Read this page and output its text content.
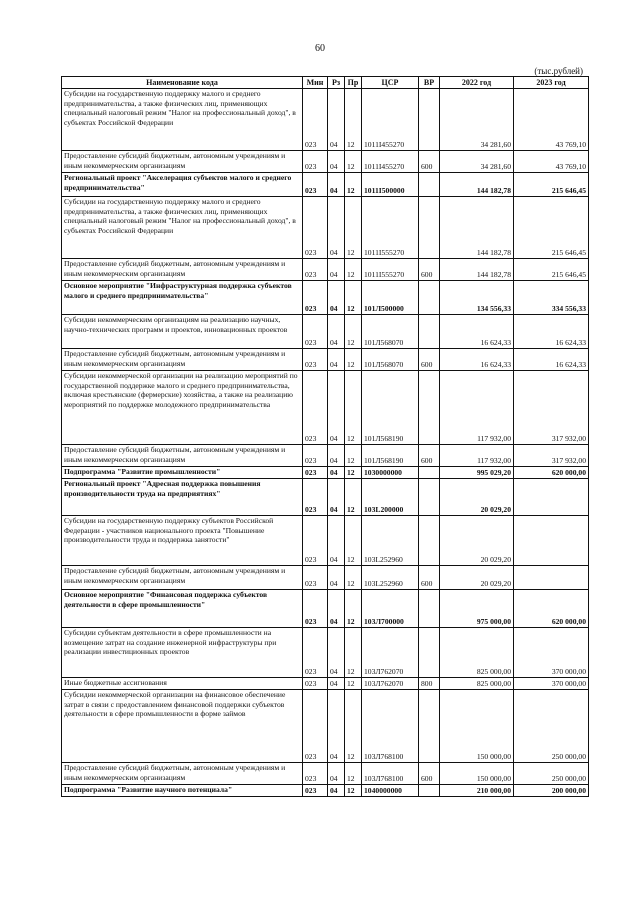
60
(тыс.рублей)
Наименование кода	Мин	Рз	Пр	ЦСР	ВР	2022 год	2023 год
Субсидии на государственную поддержку малого и среднего предпринимательства, а также физических лиц, применяющих специальный налоговый режим "Налог на профессиональный доход", в субъектах Российской Федерации	023	04	12	1011I455270		34 281,60	43 769,10
Предоставление субсидий бюджетным, автономным учреждениям и иным некоммерческим организациям	023	04	12	1011I455270	600	34 281,60	43 769,10
Региональный проект "Акселерация субъектов малого и среднего предпринимательства"	023	04	12	1011I500000		144 182,78	215 646,45
Субсидии на государственную поддержку малого и среднего предпринимательства, а также физических лиц, применяющих специальный налоговый режим "Налог на профессиональный доход", в субъектах Российской Федерации	023	04	12	1011I555270		144 182,78	215 646,45
Предоставление субсидий бюджетным, автономным учреждениям и иным некоммерческим организациям	023	04	12	1011I555270	600	144 182,78	215 646,45
Основное мероприятие "Инфраструктурная поддержка субъектов малого и среднего предпринимательства"	023	04	12	101Л500000		134 556,33	334 556,33
Субсидии некоммерческим организациям на реализацию научных, научно-технических программ и проектов, инновационных проектов	023	04	12	101Л568070		16 624,33	16 624,33
Предоставление субсидий бюджетным, автономным учреждениям и иным некоммерческим организациям	023	04	12	101Л568070	600	16 624,33	16 624,33
Субсидии некоммерческой организации на реализацию мероприятий по государственной поддержке малого и среднего предпринимательства, включая крестьянские (фермерские) хозяйства, а также на реализацию мероприятий по поддержке молодежного предпринимательства	023	04	12	101Л568190		117 932,00	317 932,00
Предоставление субсидий бюджетным, автономным учреждениям и иным некоммерческим организациям	023	04	12	101Л568190	600	117 932,00	317 932,00
Подпрограмма "Развитие промышленности"	023	04	12	1030000000		995 029,20	620 000,00
Региональный проект "Адресная поддержка повышения производительности труда на предприятиях"	023	04	12	103L200000		20 029,20	
Субсидии на государственную поддержку субъектов Российской Федерации - участников национального проекта "Повышение производительности труда и поддержка занятости"	023	04	12	103L252960		20 029,20	
Предоставление субсидий бюджетным, автономным учреждениям и иным некоммерческим организациям	023	04	12	103L252960	600	20 029,20	
Основное мероприятие "Финансовая поддержка субъектов деятельности в сфере промышленности"	023	04	12	103Л700000		975 000,00	620 000,00
Субсидии субъектам деятельности в сфере промышленности на возмещение затрат на создание инженерной инфраструктуры при реализации инвестиционных проектов	023	04	12	103Л762070		825 000,00	370 000,00
Иные бюджетные ассигнования	023	04	12	103Л762070	800	825 000,00	370 000,00
Субсидии некоммерческой организации на финансовое обеспечение затрат в связи с предоставлением финансовой поддержки субъектов деятельности в сфере промышленности в форме займов	023	04	12	103Л768100		150 000,00	250 000,00
Предоставление субсидий бюджетным, автономным учреждениям и иным некоммерческим организациям	023	04	12	103Л768100	600	150 000,00	250 000,00
Подпрограмма "Развитие научного потенциала"	023	04	12	1040000000		210 000,00	200 000,00
